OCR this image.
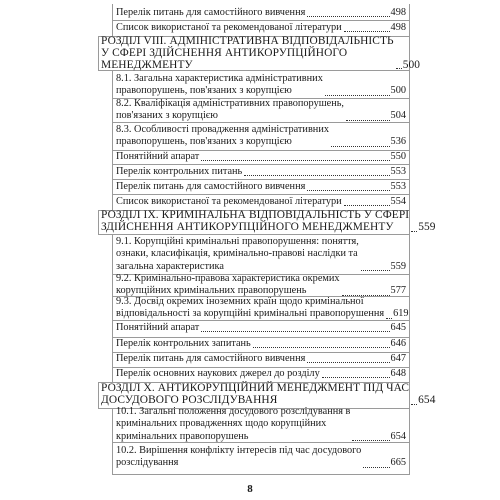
Перелік питань для самостійного вивчення	498
Список використаної та рекомендованої літератури	498
РОЗДІЛ VIII. АДМІНІСТРАТИВНА ВІДПОВІДАЛЬНІСТЬ
У СФЕРІ ЗДІЙСНЕННЯ АНТИКОРУПЦІЙНОГО
МЕНЕДЖМЕНТУ	500
8.1. Загальна характеристика адміністративних
правопорушень, пов'язаних з корупцією	500
8.2. Кваліфікація адміністративних правопорушень,
пов'язаних з корупцією	504
8.3. Особливості провадження адміністративних
правопорушень, пов'язаних з корупцією	536
Понятійний апарат	550
Перелік контрольних питань	553
Перелік питань для самостійного вивчення	553
Список використаної та рекомендованої літератури	554
РОЗДІЛ IX. КРИМІНАЛЬНА ВІДПОВІДАЛЬНІСТЬ У СФЕРІ
ЗДІЙСНЕННЯ АНТИКОРУПЦІЙНОГО МЕНЕДЖМЕНТУ	559
9.1. Корупційні кримінальні правопорушення: поняття,
ознаки, класифікація, кримінально-правові наслідки та
загальна характеристика	559
9.2. Кримінально-правова характеристика окремих
корупційних кримінальних правопорушень	577
9.3. Досвід окремих іноземних країн щодо кримінальної
відповідальності за корупційні кримінальні правопорушення 619
Понятійний апарат	645
Перелік контрольних запитань	646
Перелік питань для самостійного вивчення	647
Перелік основних наукових джерел до розділу	648
РОЗДІЛ X. АНТИКОРУПЦІЙНИЙ МЕНЕДЖМЕНТ ПІД ЧАС
ДОСУДОВОГО РОЗСЛІДУВАННЯ	654
10.1. Загальні положення досудового розслідування в
кримінальних провадженнях щодо корупційних
кримінальних правопорушень	654
10.2. Вирішення конфлікту інтересів під час досудового
розслідування	665
8
